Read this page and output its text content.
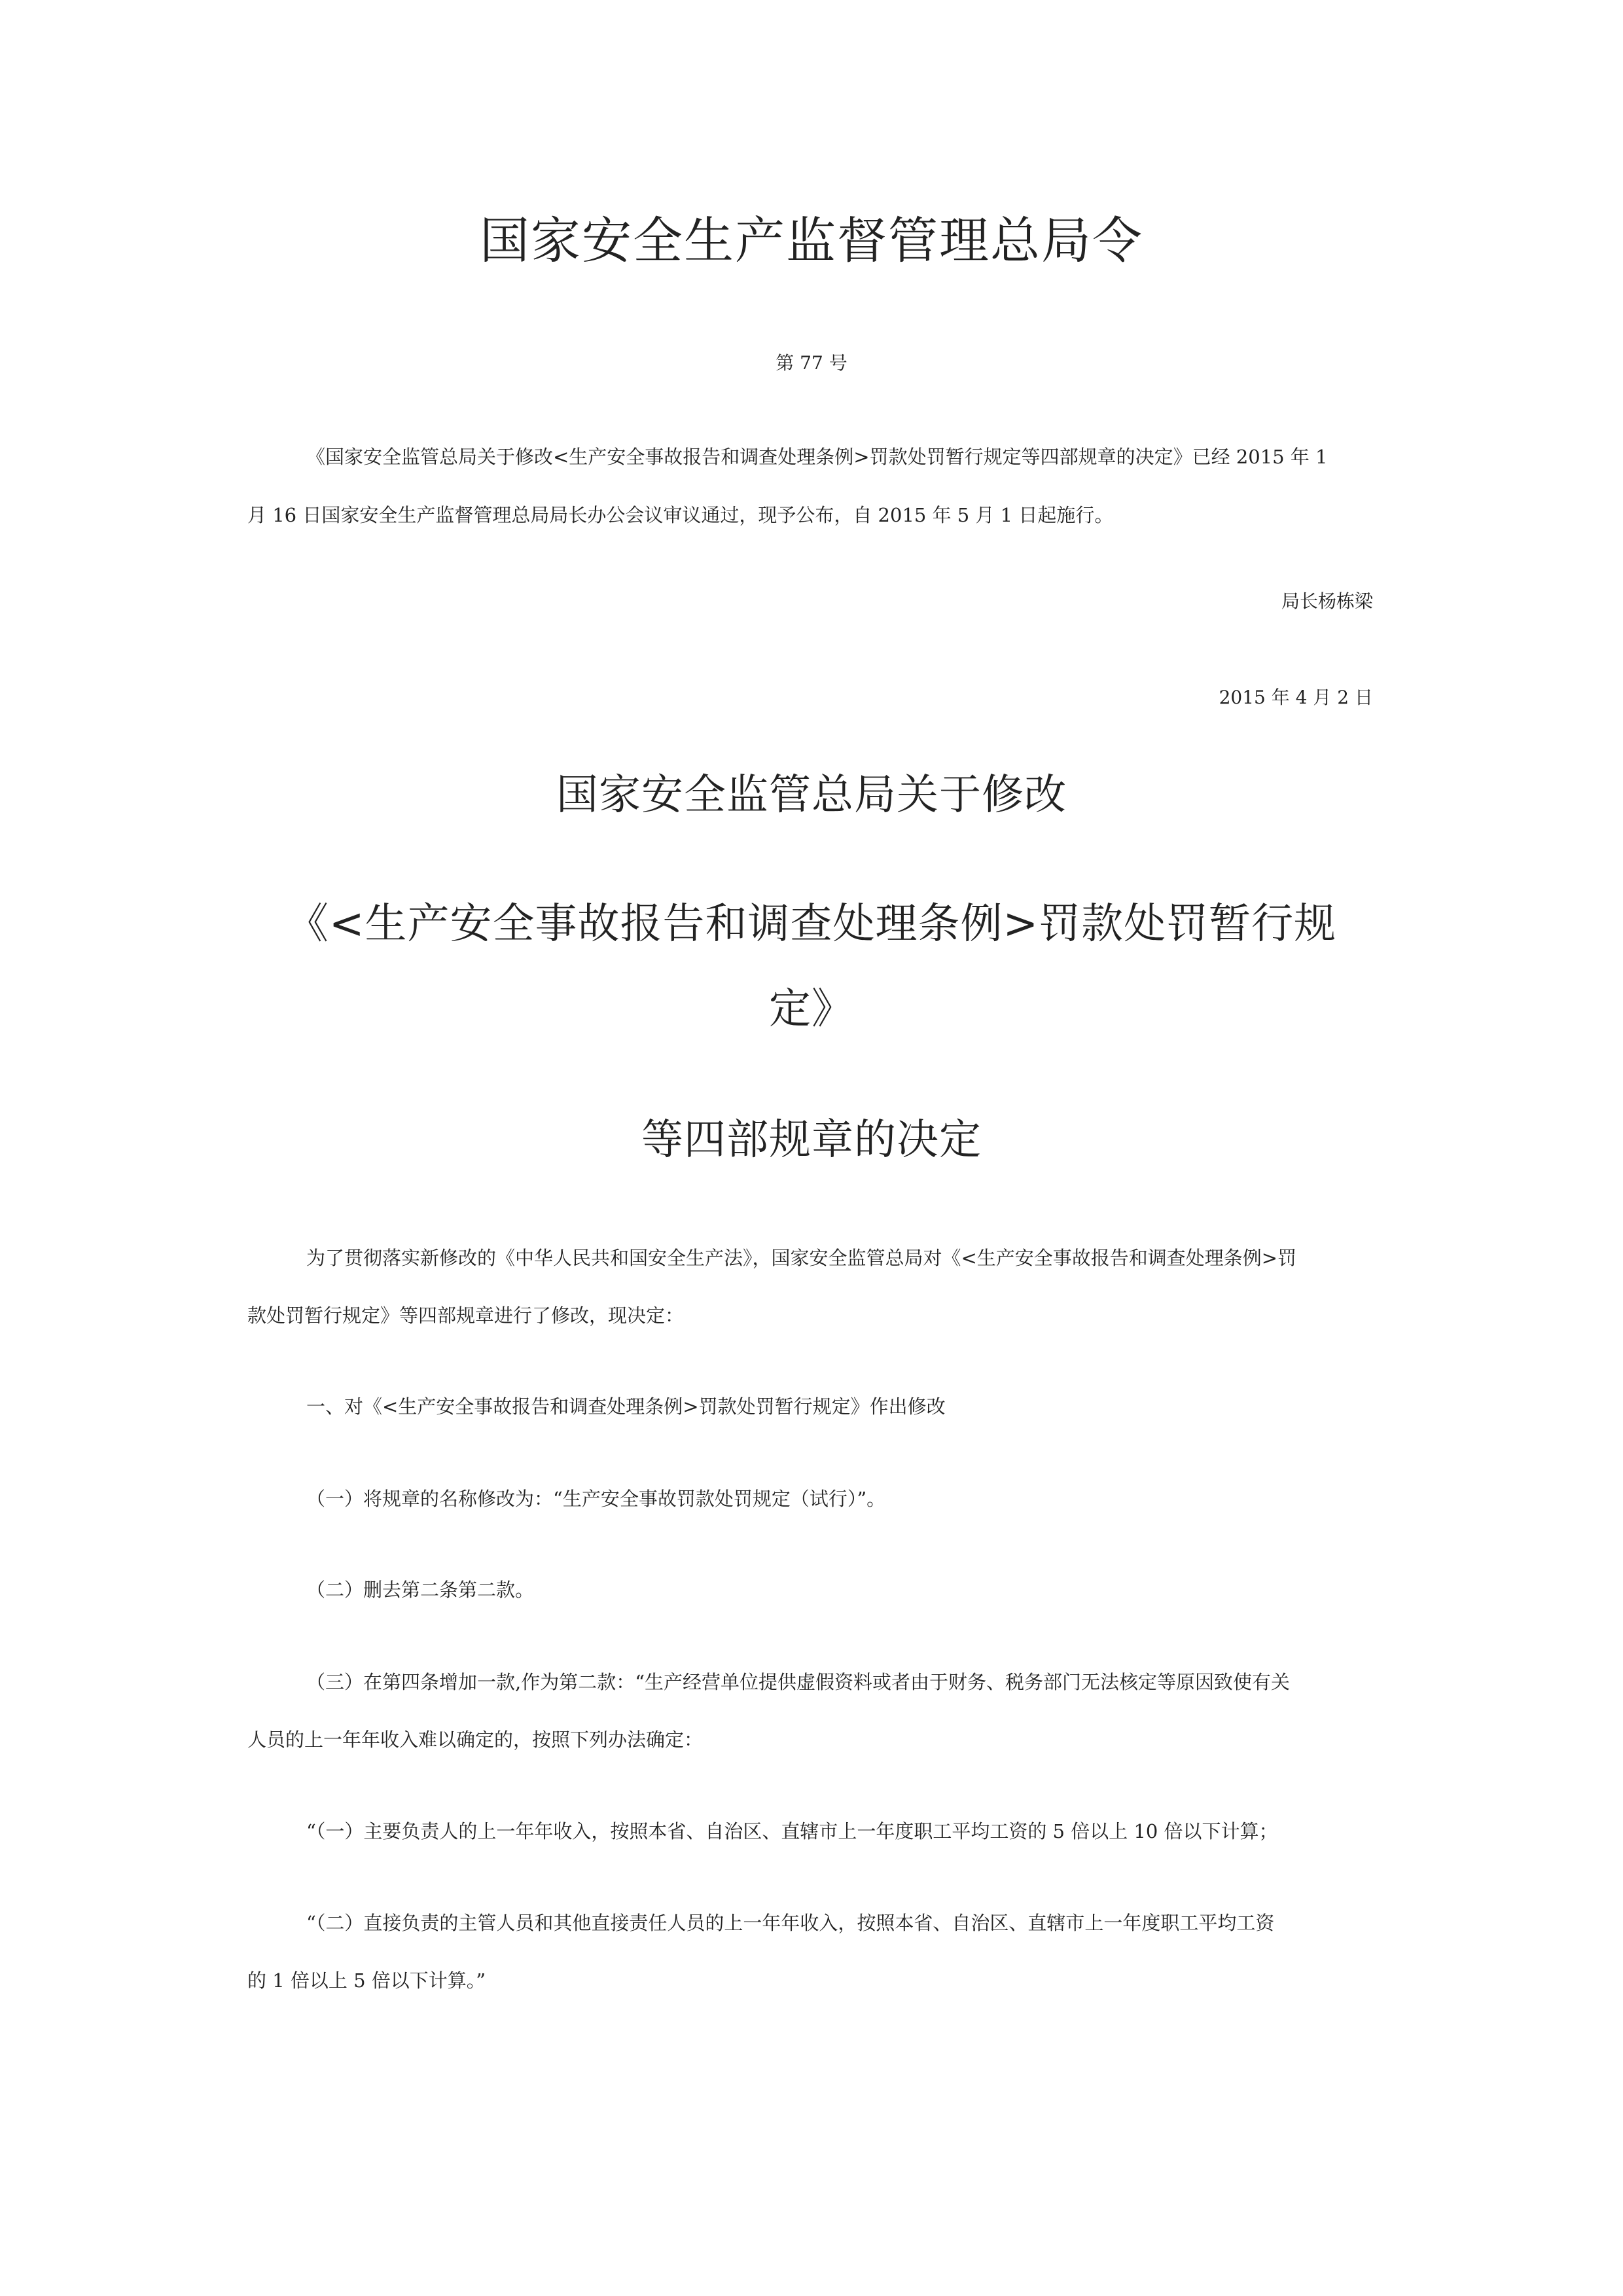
国家安全生产监督管理总局令

第 77 号

《国家安全监管总局关于修改<生产安全事故报告和调查处理条例>罚款处罚暂行规定等四部规章的决定》已经 2015 年 1

月 16 日国家安全生产监督管理总局局长办公会议审议通过，现予公布，自 2015 年 5 月 1 日起施行。

局长杨栋梁

2015 年 4 月 2 日

国家安全监管总局关于修改
《<生产安全事故报告和调查处理条例>罚款处罚暂行规
定》
等四部规章的决定

为了贯彻落实新修改的《中华人民共和国安全生产法》，国家安全监管总局对《<生产安全事故报告和调查处理条例>罚

款处罚暂行规定》等四部规章进行了修改，现决定：

一、对《<生产安全事故报告和调查处理条例>罚款处罚暂行规定》作出修改

（一）将规章的名称修改为：“生产安全事故罚款处罚规定（试行）”。

（二）删去第二条第二款。

（三）在第四条增加一款,作为第二款：“生产经营单位提供虚假资料或者由于财务、税务部门无法核定等原因致使有关

人员的上一年年收入难以确定的，按照下列办法确定：

“（一）主要负责人的上一年年收入，按照本省、自治区、直辖市上一年度职工平均工资的 5 倍以上 10 倍以下计算；

“（二）直接负责的主管人员和其他直接责任人员的上一年年收入，按照本省、自治区、直辖市上一年度职工平均工资

的 1 倍以上 5 倍以下计算。”
